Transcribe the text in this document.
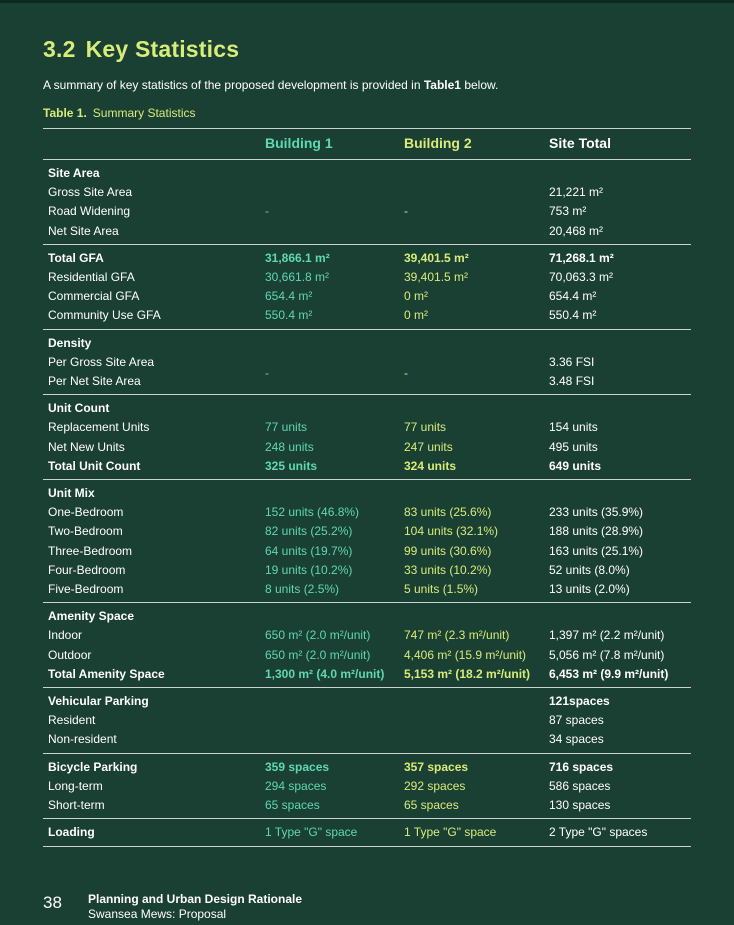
3.2 Key Statistics
A summary of key statistics of the proposed development is provided in Table1 below.
Table 1. Summary Statistics
	Building 1	Building 2	Site Total
Site Area			
Gross Site Area			21,221 m²
Road Widening	-	-	753 m²
Net Site Area			20,468 m²
Total GFA	31,866.1 m²	39,401.5 m²	71,268.1 m²
Residential GFA	30,661.8 m²	39,401.5 m²	70,063.3 m²
Commercial GFA	654.4 m²	0 m²	654.4 m²
Community Use GFA	550.4 m²	0 m²	550.4 m²
Density			
Per Gross Site Area	-	-	3.36 FSI
Per Net Site Area			3.48 FSI
Unit Count			
Replacement Units	77 units	77 units	154 units
Net New Units	248 units	247 units	495 units
Total Unit Count	325 units	324 units	649 units
Unit Mix			
One-Bedroom	152 units (46.8%)	83 units (25.6%)	233 units (35.9%)
Two-Bedroom	82 units (25.2%)	104 units (32.1%)	188 units (28.9%)
Three-Bedroom	64 units (19.7%)	99 units (30.6%)	163 units (25.1%)
Four-Bedroom	19 units (10.2%)	33 units (10.2%)	52 units (8.0%)
Five-Bedroom	8 units (2.5%)	5 units (1.5%)	13 units (2.0%)
Amenity Space			
Indoor	650 m² (2.0 m²/unit)	747 m² (2.3 m²/unit)	1,397 m² (2.2 m²/unit)
Outdoor	650 m² (2.0 m²/unit)	4,406 m² (15.9 m²/unit)	5,056 m² (7.8 m²/unit)
Total Amenity Space	1,300 m² (4.0 m²/unit)	5,153 m² (18.2 m²/unit)	6,453 m² (9.9 m²/unit)
Vehicular Parking			121spaces
Resident			87 spaces
Non-resident			34 spaces
Bicycle Parking	359 spaces	357 spaces	716 spaces
Long-term	294 spaces	292 spaces	586 spaces
Short-term	65 spaces	65 spaces	130 spaces
Loading	1 Type "G" space	1 Type "G" space	2 Type "G" spaces
38 Planning and Urban Design Rationale
Swansea Mews: Proposal
